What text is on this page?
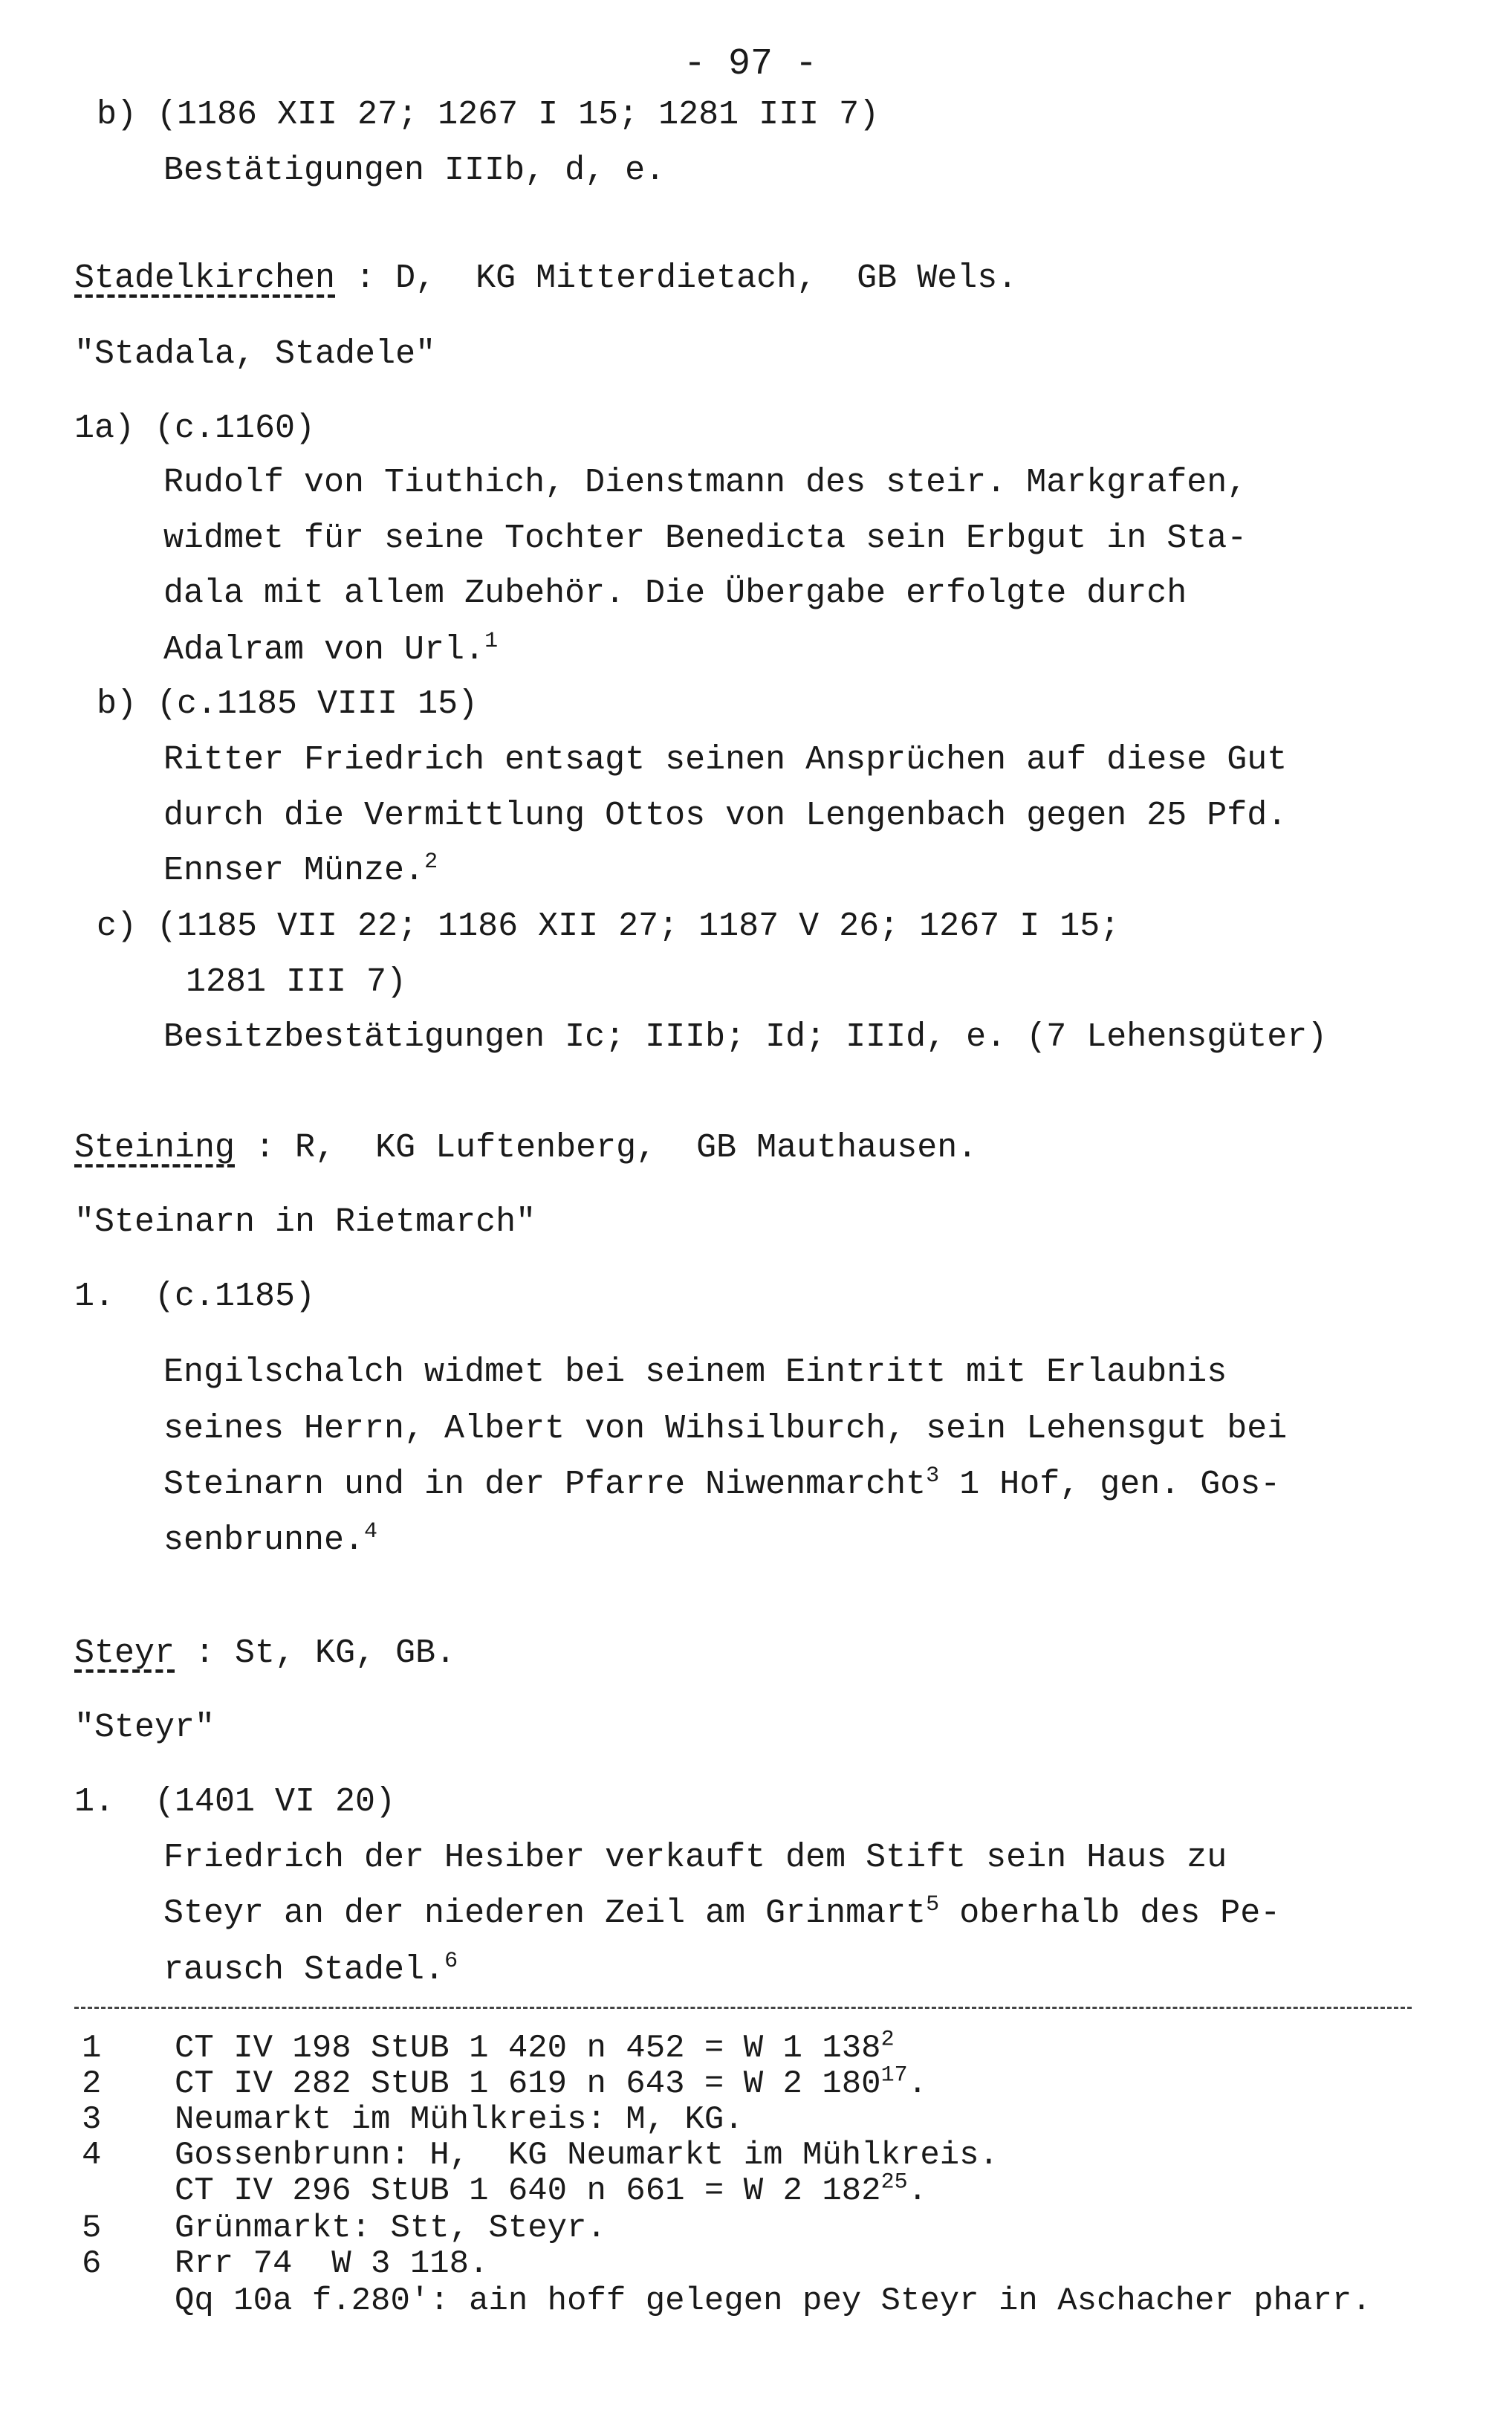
- 97 -
b) (1186 XII 27; 1267 I 15; 1281 III 7)
Bestätigungen IIIb, d, e.
Stadelkirchen : D,  KG Mitterdietach,  GB Wels.
"Stadala, Stadele"
1a) (c.1160)
Rudolf von Tiuthich, Dienstmann des steir. Markgrafen,
widmet für seine Tochter Benedicta sein Erbgut in Sta-
dala mit allem Zubehör. Die Übergabe erfolgte durch
Adalram von Url.$^1$
b) (c.1185 VIII 15)
Ritter Friedrich entsagt seinen Ansprüchen auf diese Gut
durch die Vermittlung Ottos von Lengenbach gegen 25 Pfd.
Ennser Münze.$^2$
c) (1185 VII 22; 1186 XII 27; 1187 V 26; 1267 I 15;
1281 III 7)
Besitzbestätigungen Ic; IIIb; Id; IIId, e. (7 Lehensgüter)
Steining : R,  KG Luftenberg,  GB Mauthausen.
"Steinarn in Rietmarch"
1.  (c.1185)
Engilschalch widmet bei seinem Eintritt mit Erlaubnis
seines Herrn, Albert von Wihsilburch, sein Lehensgut bei
Steinarn und in der Pfarre Niwenmarcht$^3$ 1 Hof, gen. Gos-
senbrunne.$^4$
Steyr : St, KG, GB.
"Steyr"
1.  (1401 VI 20)
Friedrich der Hesiber verkauft dem Stift sein Haus zu
Steyr an der niederen Zeil am Grinmart$^5$ oberhalb des Pe-
rausch Stadel.$^6$
1 CT IV 198 StUB 1 420 n 452 = W 1 $138^2$
2 CT IV 282 StUB 1 619 n 643 = W 2 $180^{17}$.
3 Neumarkt im Mühlkreis: M, KG.
4 Gossenbrunn: H,  KG Neumarkt im Mühlkreis.
CT IV 296 StUB 1 640 n 661 = W 2 $182^{25}$.
5 Grünmarkt: Stt, Steyr.
6 Rrr 74  W 3 118.
Qq 10a f.280': ain hoff gelegen pey Steyr in Aschacher pharr.
